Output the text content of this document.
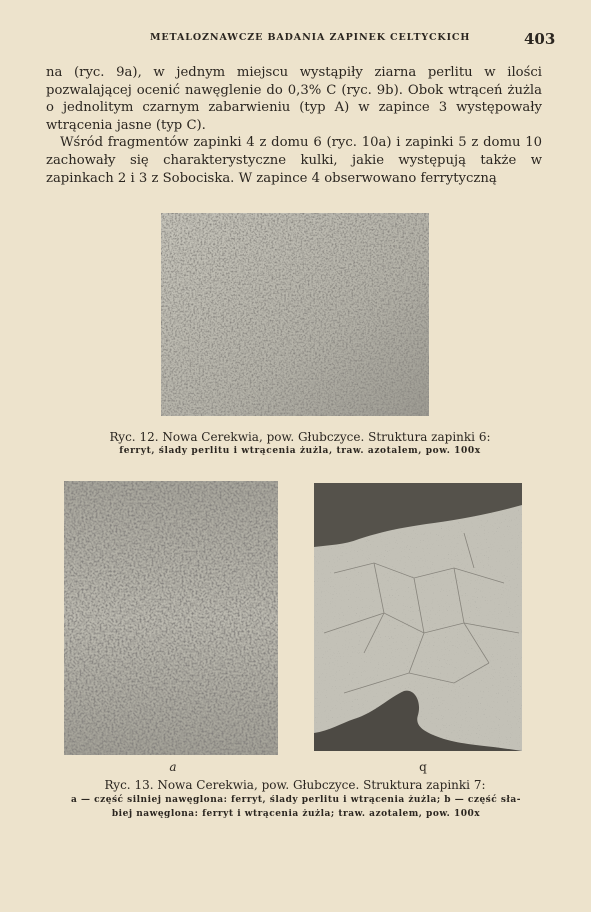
METALOZNAWCZE BADANIA ZAPINEK CELTYCKICH	403

na (ryc. 9a), w jednym miejscu wystąpiły ziarna perlitu w ilości pozwalającej ocenić nawęglenie do 0,3% C (ryc. 9b). Obok wtrąceń żużla o jednolitym czarnym zabarwieniu (typ A) w zapince 3 występowały wtrącenia jasne (typ C).

Wśród fragmentów zapinki 4 z domu 6 (ryc. 10a) i zapinki 5 z domu 10 zachowały się charakterystyczne kulki, jakie występują także w zapinkach 2 i 3 z Sobociska. W zapince 4 obserwowano ferrytyczną

Ryc. 12. Nowa Cerekwia, pow. Głubczyce. Struktura zapinki 6:
ferryt, ślady perlitu i wtrącenia żużla, traw. azotalem, pow. 100x
a	q
Ryc. 13. Nowa Cerekwia, pow. Głubczyce. Struktura zapinki 7:
a — część silniej nawęglona: ferryt, ślady perlitu i wtrącenia żużla; b — część sła-
biej nawęglona: ferryt i wtrącenia żużla; traw. azotalem, pow. 100x
